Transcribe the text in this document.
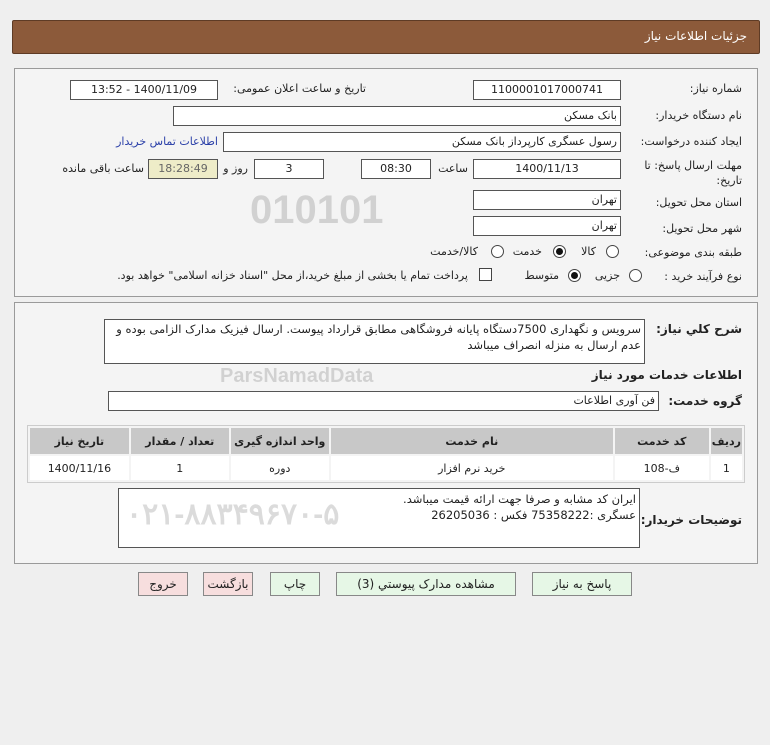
جزئیات اطلاعات نیاز
010101
ParsNamadData
شماره نیاز:
1100001017000741
تاریخ و ساعت اعلان عمومی:
1400/11/09 - 13:52
نام دستگاه خریدار:
بانک مسکن
ایجاد کننده درخواست:
رسول عسگری کارپرداز بانک مسکن
اطلاعات تماس خریدار
مهلت ارسال پاسخ: تا تاریخ:
1400/11/13
ساعت
08:30
3
روز و
18:28:49
ساعت باقی مانده
استان محل تحویل:
تهران
شهر محل تحویل:
تهران
طبقه بندی موضوعی:
کالا
خدمت
کالا/خدمت
نوع فرآیند خرید :
جزیی
متوسط
پرداخت تمام یا بخشی از مبلغ خرید،از محل "اسناد خزانه اسلامی" خواهد بود.
شرح کلي نياز:
سرویس و نگهداری 7500دستگاه پایانه فروشگاهی مطابق قرارداد پیوست. ارسال فیزیک مدارک الزامی بوده و عدم ارسال به منزله انصراف میباشد
اطلاعات خدمات مورد نیاز
گروه خدمت:
فن آوری اطلاعات
ردیف	کد خدمت	نام خدمت	واحد اندازه گیری	تعداد / مقدار	تاریخ نیاز
1	ف-108	خرید نرم افزار	دوره	1	1400/11/16
توضیحات خریدار:
ایران کد مشابه و صرفا جهت ارائه قیمت میباشد.
عسگری :75358222 فکس : 26205036
۰۲۱-۸۸۳۴۹۶۷۰-۵
پاسخ به نیاز
مشاهده مدارک پیوستي (3)
چاپ
بازگشت
خروج
